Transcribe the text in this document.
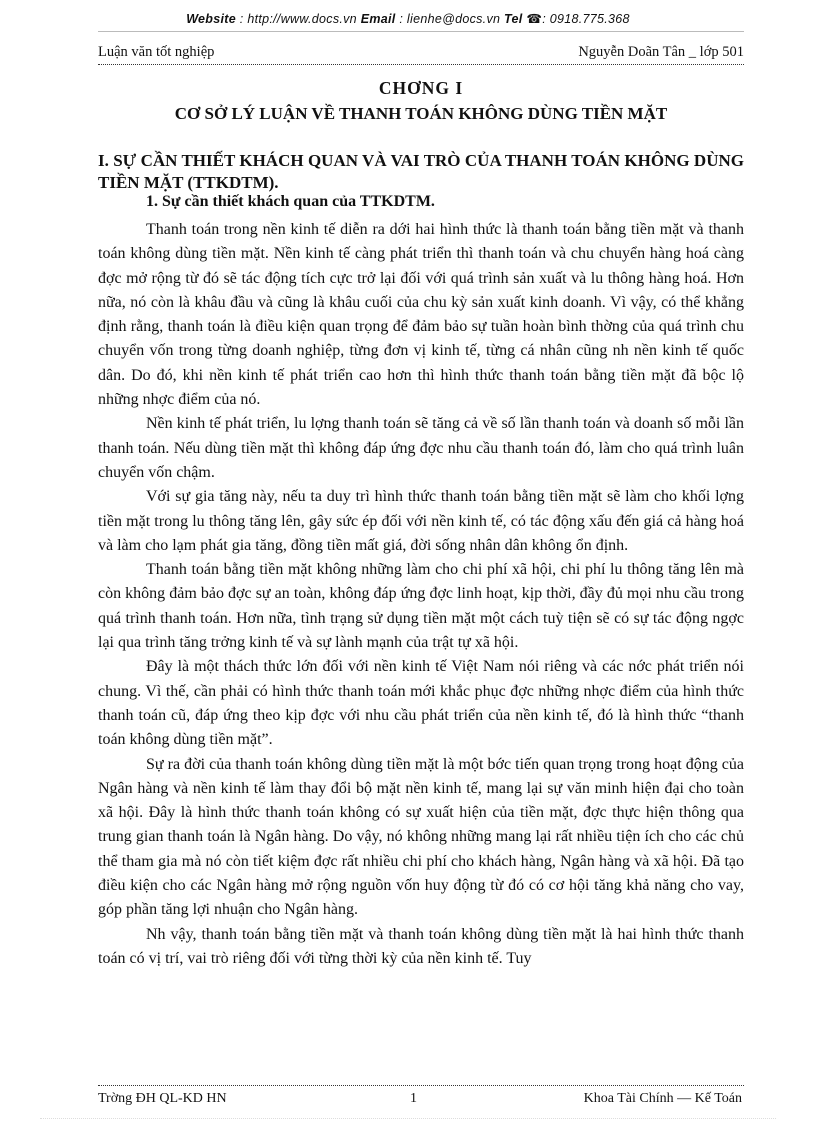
Website : http://www.docs.vn Email : lienhe@docs.vn Tel ☎: 0918.775.368
Luận văn tốt nghiệp	Nguyễn Doãn Tân _ lớp 501
CHƠNG I
CƠ SỞ LÝ LUẬN VỀ THANH TOÁN KHÔNG DÙNG TIỀN MẶT
I. SỰ CẦN THIẾT KHÁCH QUAN VÀ VAI TRÒ CỦA THANH TOÁN KHÔNG DÙNG TIỀN MẶT (TTKDTM).
1. Sự cần thiết khách quan của TTKDTM.

Thanh toán trong nền kinh tế diễn ra dới hai hình thức là thanh toán bằng tiền mặt và thanh toán không dùng tiền mặt. Nền kinh tế càng phát triển thì thanh toán và chu chuyển hàng hoá càng đợc mở rộng từ đó sẽ tác động tích cực trở lại đối với quá trình sản xuất và lu thông hàng hoá. Hơn nữa, nó còn là khâu đầu và cũng là khâu cuối của chu kỳ sản xuất kinh doanh. Vì vậy, có thể khẳng định rằng, thanh toán là điều kiện quan trọng để đảm bảo sự tuần hoàn bình thờng của quá trình chu chuyển vốn trong từng doanh nghiệp, từng đơn vị kinh tế, từng cá nhân cũng nh nền kinh tế quốc dân. Do đó, khi nền kinh tế phát triển cao hơn thì hình thức thanh toán bằng tiền mặt đã bộc lộ những nhợc điểm của nó.

Nền kinh tế phát triển, lu lợng thanh toán sẽ tăng cả về số lần thanh toán và doanh số mỗi lần thanh toán. Nếu dùng tiền mặt thì không đáp ứng đợc nhu cầu thanh toán đó, làm cho quá trình luân chuyển vốn chậm.

Với sự gia tăng này, nếu ta duy trì hình thức thanh toán bằng tiền mặt sẽ làm cho khối lợng tiền mặt trong lu thông tăng lên, gây sức ép đối với nền kinh tế, có tác động xấu đến giá cả hàng hoá và làm cho lạm phát gia tăng, đồng tiền mất giá, đời sống nhân dân không ổn định.

Thanh toán bằng tiền mặt không những làm cho chi phí xã hội, chi phí lu thông tăng lên mà còn không đảm bảo đợc sự an toàn, không đáp ứng đợc linh hoạt, kịp thời, đầy đủ mọi nhu cầu trong quá trình thanh toán. Hơn nữa, tình trạng sử dụng tiền mặt một cách tuỳ tiện sẽ có sự tác động ngợc lại qua trình tăng trởng kinh tế và sự lành mạnh của trật tự xã hội.

Đây là một thách thức lớn đối với nền kinh tế Việt Nam nói riêng và các nớc phát triển nói chung. Vì thế, cần phải có hình thức thanh toán mới khắc phục đợc những nhợc điểm của hình thức thanh toán cũ, đáp ứng theo kịp đợc với nhu cầu phát triển của nền kinh tế, đó là hình thức “thanh toán không dùng tiền mặt”.

Sự ra đời của thanh toán không dùng tiền mặt là một bớc tiến quan trọng trong hoạt động của Ngân hàng và nền kinh tế làm thay đổi bộ mặt nền kinh tế, mang lại sự văn minh hiện đại cho toàn xã hội. Đây là hình thức thanh toán không có sự xuất hiện của tiền mặt, đợc thực hiện thông qua trung gian thanh toán là Ngân hàng. Do vậy, nó không những mang lại rất nhiều tiện ích cho các chủ thể tham gia mà nó còn tiết kiệm đợc rất nhiều chi phí cho khách hàng, Ngân hàng và xã hội. Đã tạo điều kiện cho các Ngân hàng mở rộng nguồn vốn huy động từ đó có cơ hội tăng khả năng cho vay, góp phần tăng lợi nhuận cho Ngân hàng.

Nh vậy, thanh toán bằng tiền mặt và thanh toán không dùng tiền mặt là hai hình thức thanh toán có vị trí, vai trò riêng đối với từng thời kỳ của nền kinh tế. Tuy

Trờng ĐH QL-KD HN	1	Khoa Tài Chính — Kế Toán
